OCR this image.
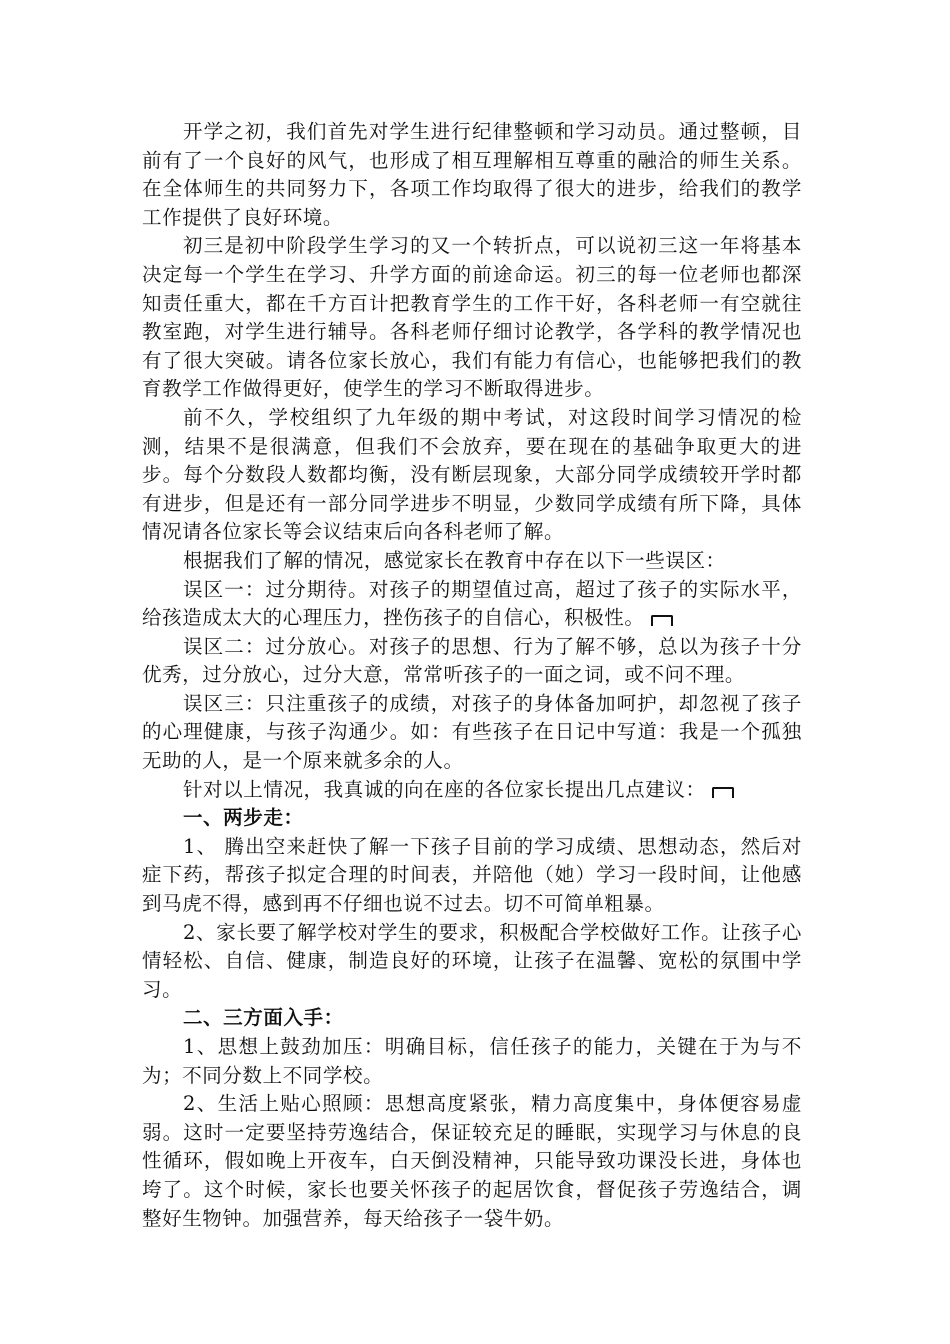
开学之初，我们首先对学生进行纪律整顿和学习动员。通过整顿，目前有了一个良好的风气，也形成了相互理解相互尊重的融洽的师生关系。在全体师生的共同努力下，各项工作均取得了很大的进步，给我们的教学工作提供了良好环境。

初三是初中阶段学生学习的又一个转折点，可以说初三这一年将基本决定每一个学生在学习、升学方面的前途命运。初三的每一位老师也都深知责任重大，都在千方百计把教育学生的工作干好，各科老师一有空就往教室跑，对学生进行辅导。各科老师仔细讨论教学，各学科的教学情况也有了很大突破。请各位家长放心，我们有能力有信心，也能够把我们的教育教学工作做得更好，使学生的学习不断取得进步。

前不久，学校组织了九年级的期中考试，对这段时间学习情况的检测，结果不是很满意，但我们不会放弃，要在现在的基础争取更大的进步。每个分数段人数都均衡，没有断层现象，大部分同学成绩较开学时都有进步，但是还有一部分同学进步不明显，少数同学成绩有所下降，具体情况请各位家长等会议结束后向各科老师了解。

根据我们了解的情况，感觉家长在教育中存在以下一些误区：

误区一：过分期待。对孩子的期望值过高，超过了孩子的实际水平，给孩造成太大的心理压力，挫伤孩子的自信心，积极性。

误区二：过分放心。对孩子的思想、行为了解不够，总以为孩子十分优秀，过分放心，过分大意，常常听孩子的一面之词，或不问不理。

误区三：只注重孩子的成绩，对孩子的身体备加呵护，却忽视了孩子的心理健康，与孩子沟通少。如：有些孩子在日记中写道：我是一个孤独无助的人，是一个原来就多余的人。

针对以上情况，我真诚的向在座的各位家长提出几点建议：

一、两步走：

1、 腾出空来赶快了解一下孩子目前的学习成绩、思想动态，然后对症下药，帮孩子拟定合理的时间表，并陪他（她）学习一段时间，让他感到马虎不得，感到再不仔细也说不过去。切不可简单粗暴。

2、家长要了解学校对学生的要求，积极配合学校做好工作。让孩子心情轻松、自信、健康，制造良好的环境，让孩子在温馨、宽松的氛围中学习。

二、三方面入手：

1、思想上鼓劲加压：明确目标，信任孩子的能力，关键在于为与不为；不同分数上不同学校。

2、生活上贴心照顾：思想高度紧张，精力高度集中，身体便容易虚弱。这时一定要坚持劳逸结合，保证较充足的睡眠，实现学习与休息的良性循环，假如晚上开夜车，白天倒没精神，只能导致功课没长进，身体也垮了。这个时候，家长也要关怀孩子的起居饮食，督促孩子劳逸结合，调整好生物钟。加强营养，每天给孩子一袋牛奶。
